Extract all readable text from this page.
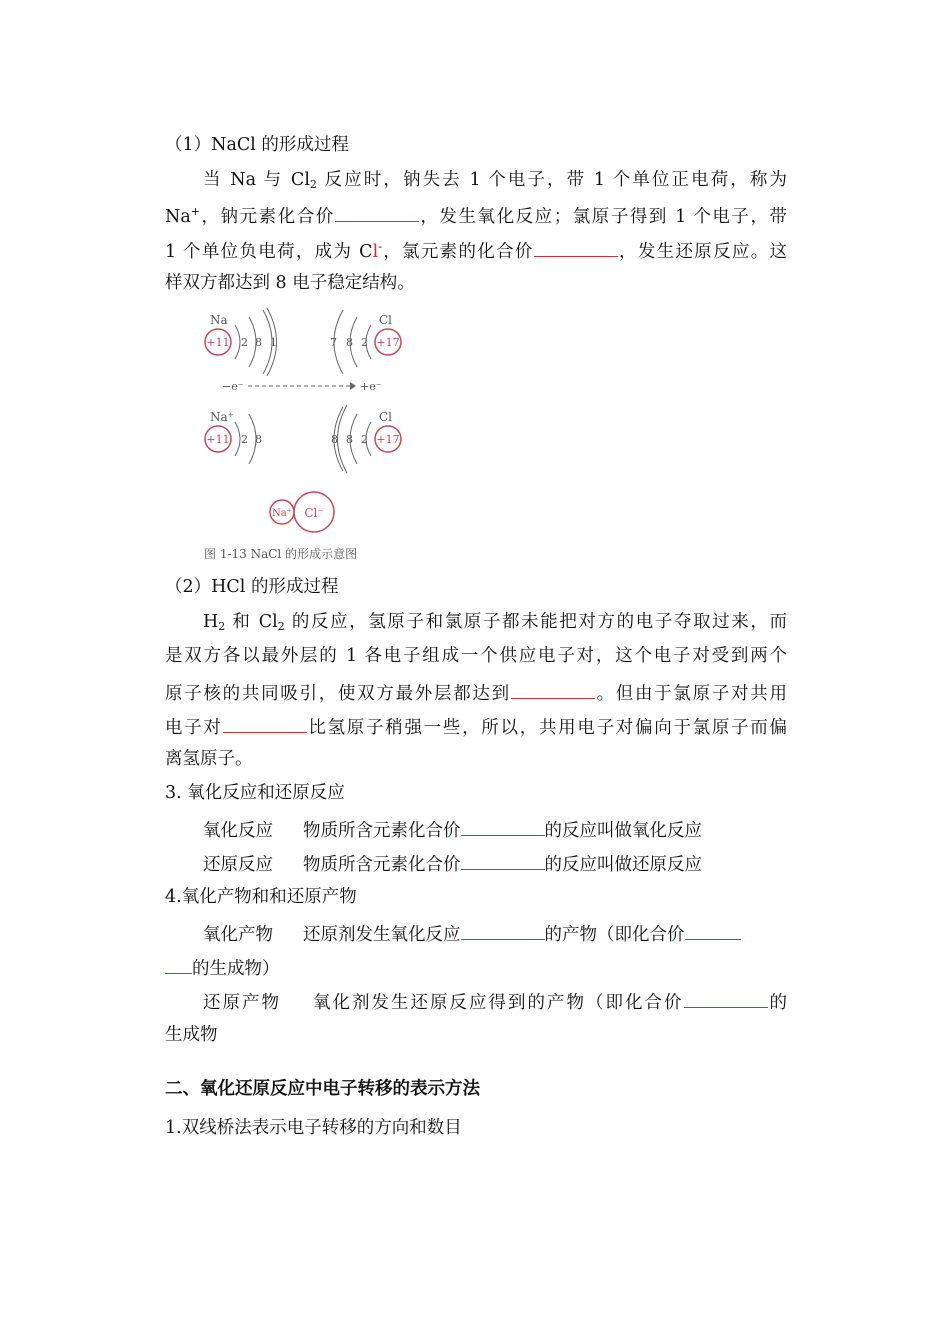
（1）NaCl 的形成过程
当 Na 与 $Cl_2$ 反应时，钠失去 1 个电子，带 1 个单位正电荷，称为
Na+，钠元素化合价	，发生氧化反应；氯原子得到 1 个电子，带
1 个单位负电荷，成为 Cl-，氯元素的化合价	，发生还原反应。这
样双方都达到 8 电子稳定结构。
Na
+11 2 8 1
Cl
+17
7 8 2
−e⁻	+e⁻
Na⁺
+11 2 8
Cl
+17
8 8 2
Na⁺ Cl⁻
图 1-13 NaCl 的形成示意图
（2）HCl 的形成过程
$H_2$ 和 $Cl_2$ 的反应，氢原子和氯原子都未能把对方的电子夺取过来，而
是双方各以最外层的 1 各电子组成一个供应电子对，这个电子对受到两个
原子核的共同吸引，使双方最外层都达到	。但由于氯原子对共用
电子对	比氢原子稍强一些，所以，共用电子对偏向于氯原子而偏
离氢原子。
3. 氧化反应和还原反应
氧化反应 物质所含元素化合价	的反应叫做氧化反应
还原反应 物质所含元素化合价	的反应叫做还原反应
4.氧化产物和和还原产物
氧化产物 还原剂发生氧化反应	的产物（即化合价
的生成物）
还原产物 氧化剂发生还原反应得到的产物（即化合价	的
生成物
二、氧化还原反应中电子转移的表示方法
1.双线桥法表示电子转移的方向和数目
